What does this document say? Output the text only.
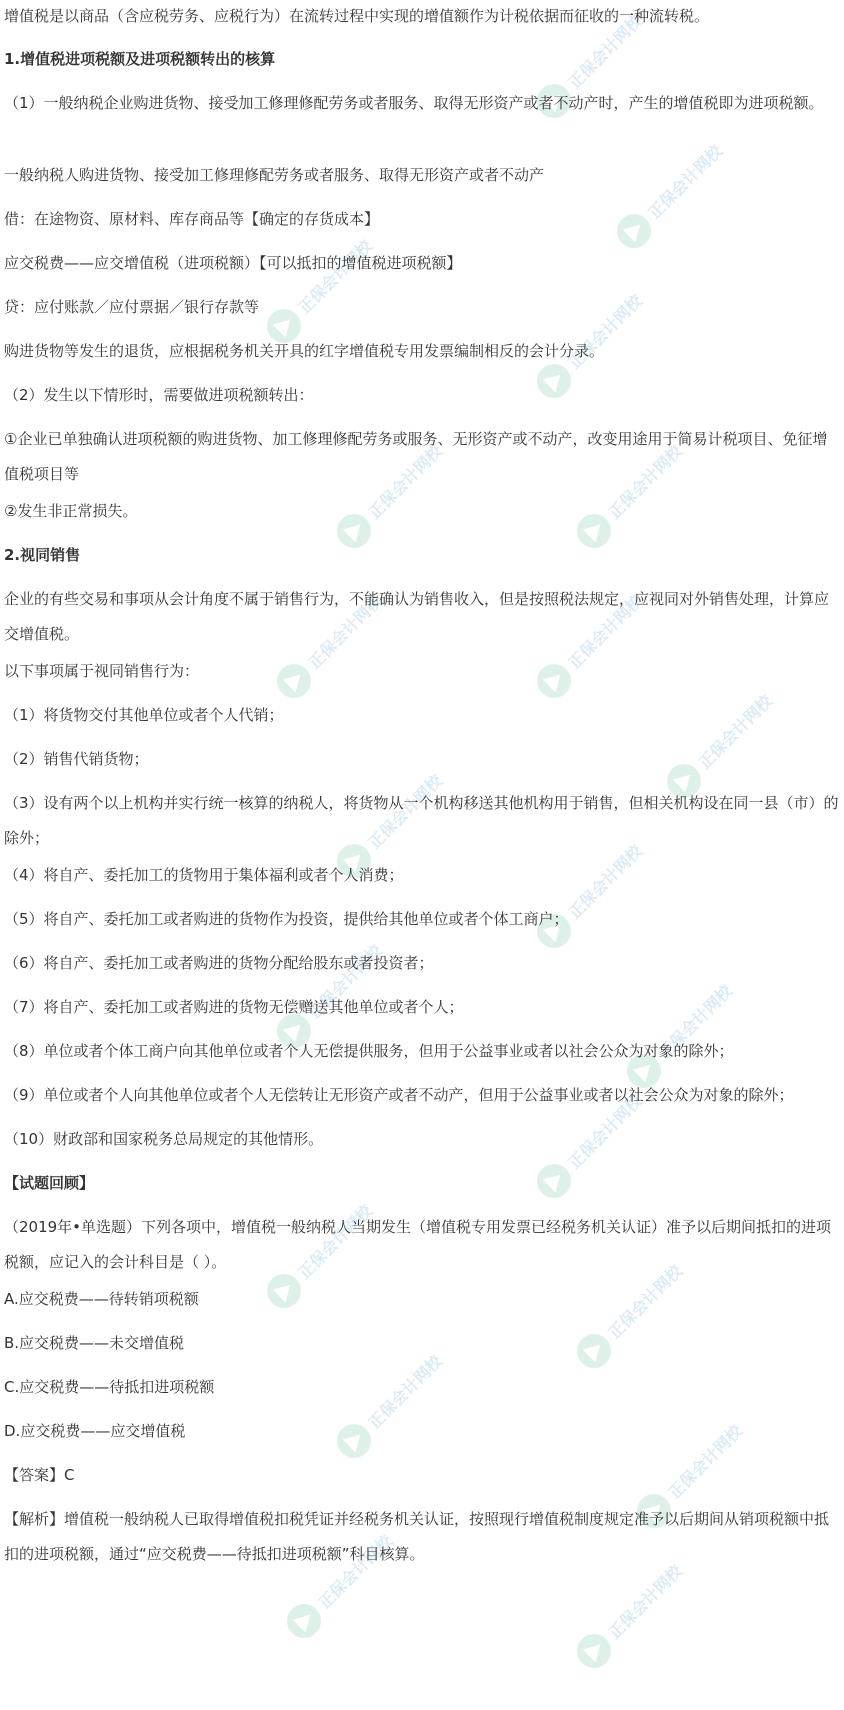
正保会计网校
正保会计网校
正保会计网校
正保会计网校
正保会计网校	正保会计网校
正保会计网校	正保会计网校
正保会计网校
正保会计网校
正保会计网校
正保会计网校	正保会计网校
正保会计网校
正保会计网校
正保会计网校
正保会计网校
正保会计网校
正保会计网校	正保会计网校

增值税是以商品（含应税劳务、应税行为）在流转过程中实现的增值额作为计税依据而征收的一种流转税。

1.增值税进项税额及进项税额转出的核算

（1）一般纳税企业购进货物、接受加工修理修配劳务或者服务、取得无形资产或者不动产时，产生的增值税即为进项税额。

一般纳税人购进货物、接受加工修理修配劳务或者服务、取得无形资产或者不动产

借：在途物资、原材料、库存商品等【确定的存货成本】

应交税费——应交增值税（进项税额）【可以抵扣的增值税进项税额】

贷：应付账款／应付票据／银行存款等

购进货物等发生的退货，应根据税务机关开具的红字增值税专用发票编制相反的会计分录。

（2）发生以下情形时，需要做进项税额转出：

①企业已单独确认进项税额的购进货物、加工修理修配劳务或服务、无形资产或不动产，改变用途用于简易计税项目、免征增值税项目等

②发生非正常损失。

2.视同销售

企业的有些交易和事项从会计角度不属于销售行为，不能确认为销售收入，但是按照税法规定，应视同对外销售处理，计算应交增值税。

以下事项属于视同销售行为：

（1）将货物交付其他单位或者个人代销；

（2）销售代销货物；

（3）设有两个以上机构并实行统一核算的纳税人，将货物从一个机构移送其他机构用于销售，但相关机构设在同一县（市）的除外；

（4）将自产、委托加工的货物用于集体福利或者个人消费；

（5）将自产、委托加工或者购进的货物作为投资，提供给其他单位或者个体工商户；

（6）将自产、委托加工或者购进的货物分配给股东或者投资者；

（7）将自产、委托加工或者购进的货物无偿赠送其他单位或者个人；

（8）单位或者个体工商户向其他单位或者个人无偿提供服务，但用于公益事业或者以社会公众为对象的除外；

（9）单位或者个人向其他单位或者个人无偿转让无形资产或者不动产，但用于公益事业或者以社会公众为对象的除外；

（10）财政部和国家税务总局规定的其他情形。

【试题回顾】

（2019年•单选题）下列各项中，增值税一般纳税人当期发生（增值税专用发票已经税务机关认证）准予以后期间抵扣的进项税额，应记入的会计科目是（ ）。

A.应交税费——待转销项税额

B.应交税费——未交增值税

C.应交税费——待抵扣进项税额

D.应交税费——应交增值税

【答案】C

【解析】增值税一般纳税人已取得增值税扣税凭证并经税务机关认证，按照现行增值税制度规定准予以后期间从销项税额中抵扣的进项税额，通过“应交税费——待抵扣进项税额”科目核算。
